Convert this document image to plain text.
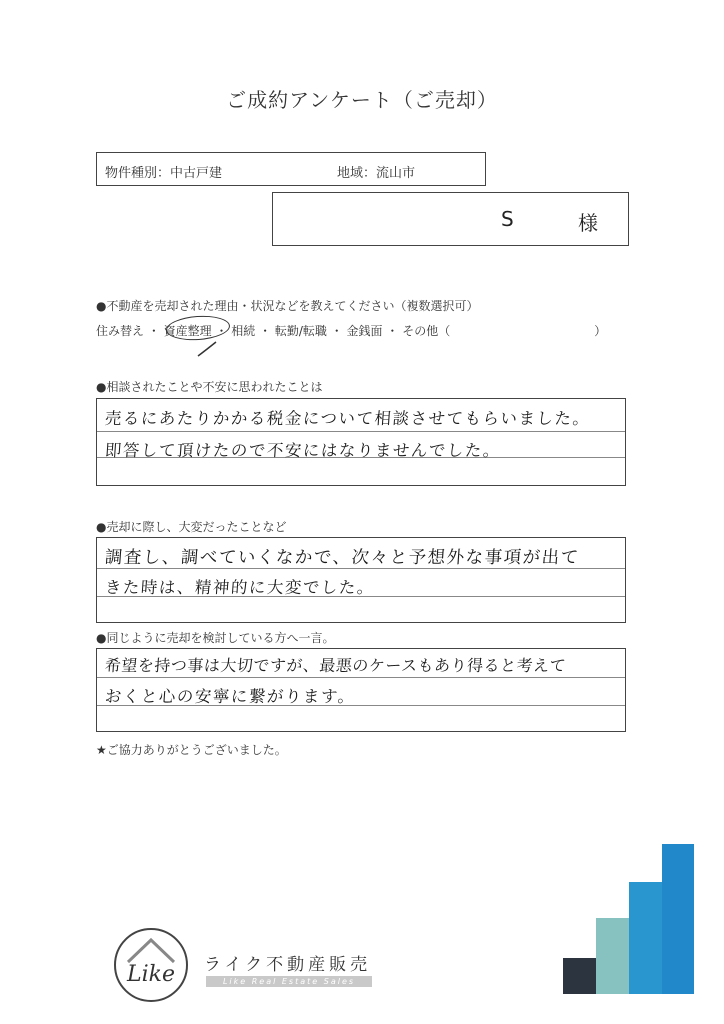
ご成約アンケート（ご売却）
物件種別：中古戸建	地域：流山市
S	様
●不動産を売却された理由・状況などを教えてください（複数選択可）
住み替え ・ 資産整理 ・ 相続 ・ 転勤/転職 ・ 金銭面 ・ その他（　　　　　　　　　　　　）
●相談されたことや不安に思われたことは
売るにあたりかかる税金について相談させてもらいました。
即答して頂けたので不安にはなりませんでした。
●売却に際し、大変だったことなど
調査し、調べていくなかで、次々と予想外な事項が出て
きた時は、精神的に大変でした。
●同じように売却を検討している方へ一言。
希望を持つ事は大切ですが、最悪のケースもあり得ると考えて
おくと心の安寧に繋がります。
★ご協力ありがとうございました。
Like	ライク不動産販売
Like Real Estate Sales
